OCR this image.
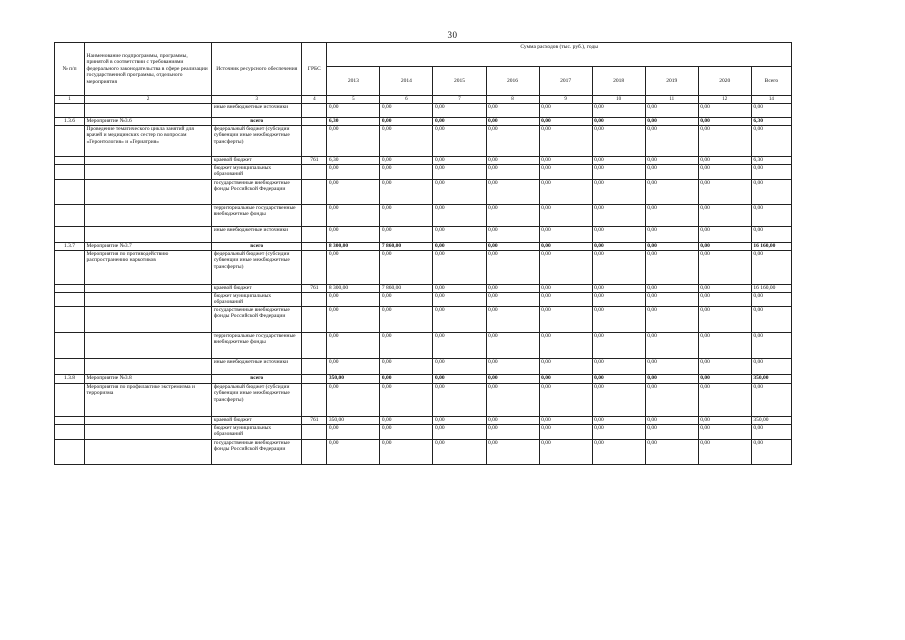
30
№ п/п	Наименование подпрограммы, программы, принятой в соответствии с требованиями федерального законодательства в сфере реализации государственной программы, отдельного мероприятия	Источник ресурсного обеспечения	ГРБС	Сумма расходов (тыс. руб.), годы								
				2013	2014	2015	2016	2017	2018	2019	2020	Всего
1	2	3	4	5	6	7	8	9	10	11	12	14
		иные внебюджетные источники		0,00	0,00	0,00	0,00	0,00	0,00	0,00	0,00	0,00
1.3.6	Мероприятие №3.6	всего		6,30	0,00	0,00	0,00	0,00	0,00	0,00	0,00	6,30
	Проведение тематического цикла занятий для врачей и медицинских сестер по вопросам «Геронтология» и «Гериатрия»	федеральный бюджет (субсидии субвенции иные межбюджетные трансферты)		0,00	0,00	0,00	0,00	0,00	0,00	0,00	0,00	0,00
		краевой бюджет	761	6,30	0,00	0,00	0,00	0,00	0,00	0,00	0,00	6,30
		бюджет муниципальных образований		0,00	0,00	0,00	0,00	0,00	0,00	0,00	0,00	0,00
		государственные внебюджетные фонды Российской Федерации		0,00	0,00	0,00	0,00	0,00	0,00	0,00	0,00	0,00
		территориальные государственные внебюджетные фонды		0,00	0,00	0,00	0,00	0,00	0,00	0,00	0,00	0,00
		иные внебюджетные источники		0,00	0,00	0,00	0,00	0,00	0,00	0,00	0,00	0,00
1.3.7	Мероприятие №3.7	всего		8 300,00	7 860,00	0,00	0,00	0,00	0,00	0,00	0,00	16 160,00
	Мероприятия по противодействию распространению наркотиков	федеральный бюджет (субсидии субвенции иные межбюджетные трансферты)		0,00	0,00	0,00	0,00	0,00	0,00	0,00	0,00	0,00
		краевой бюджет	761	8 300,00	7 860,00	0,00	0,00	0,00	0,00	0,00	0,00	16 160,00
		бюджет муниципальных образований		0,00	0,00	0,00	0,00	0,00	0,00	0,00	0,00	0,00
		государственные внебюджетные фонды Российской Федерации		0,00	0,00	0,00	0,00	0,00	0,00	0,00	0,00	0,00
		территориальные государственные внебюджетные фонды		0,00	0,00	0,00	0,00	0,00	0,00	0,00	0,00	0,00
		иные внебюджетные источники		0,00	0,00	0,00	0,00	0,00	0,00	0,00	0,00	0,00
1.3.8	Мероприятие №3.8	всего		350,00	0,00	0,00	0,00	0,00	0,00	0,00	0,00	350,00
	Мероприятия по профилактике экстремизма и терроризма	федеральный бюджет (субсидии субвенции иные межбюджетные трансферты)		0,00	0,00	0,00	0,00	0,00	0,00	0,00	0,00	0,00
		краевой бюджет	761	350,00	0,00	0,00	0,00	0,00	0,00	0,00	0,00	350,00
		бюджет муниципальных образований		0,00	0,00	0,00	0,00	0,00	0,00	0,00	0,00	0,00
		государственные внебюджетные фонды Российской Федерации		0,00	0,00	0,00	0,00	0,00	0,00	0,00	0,00	0,00
